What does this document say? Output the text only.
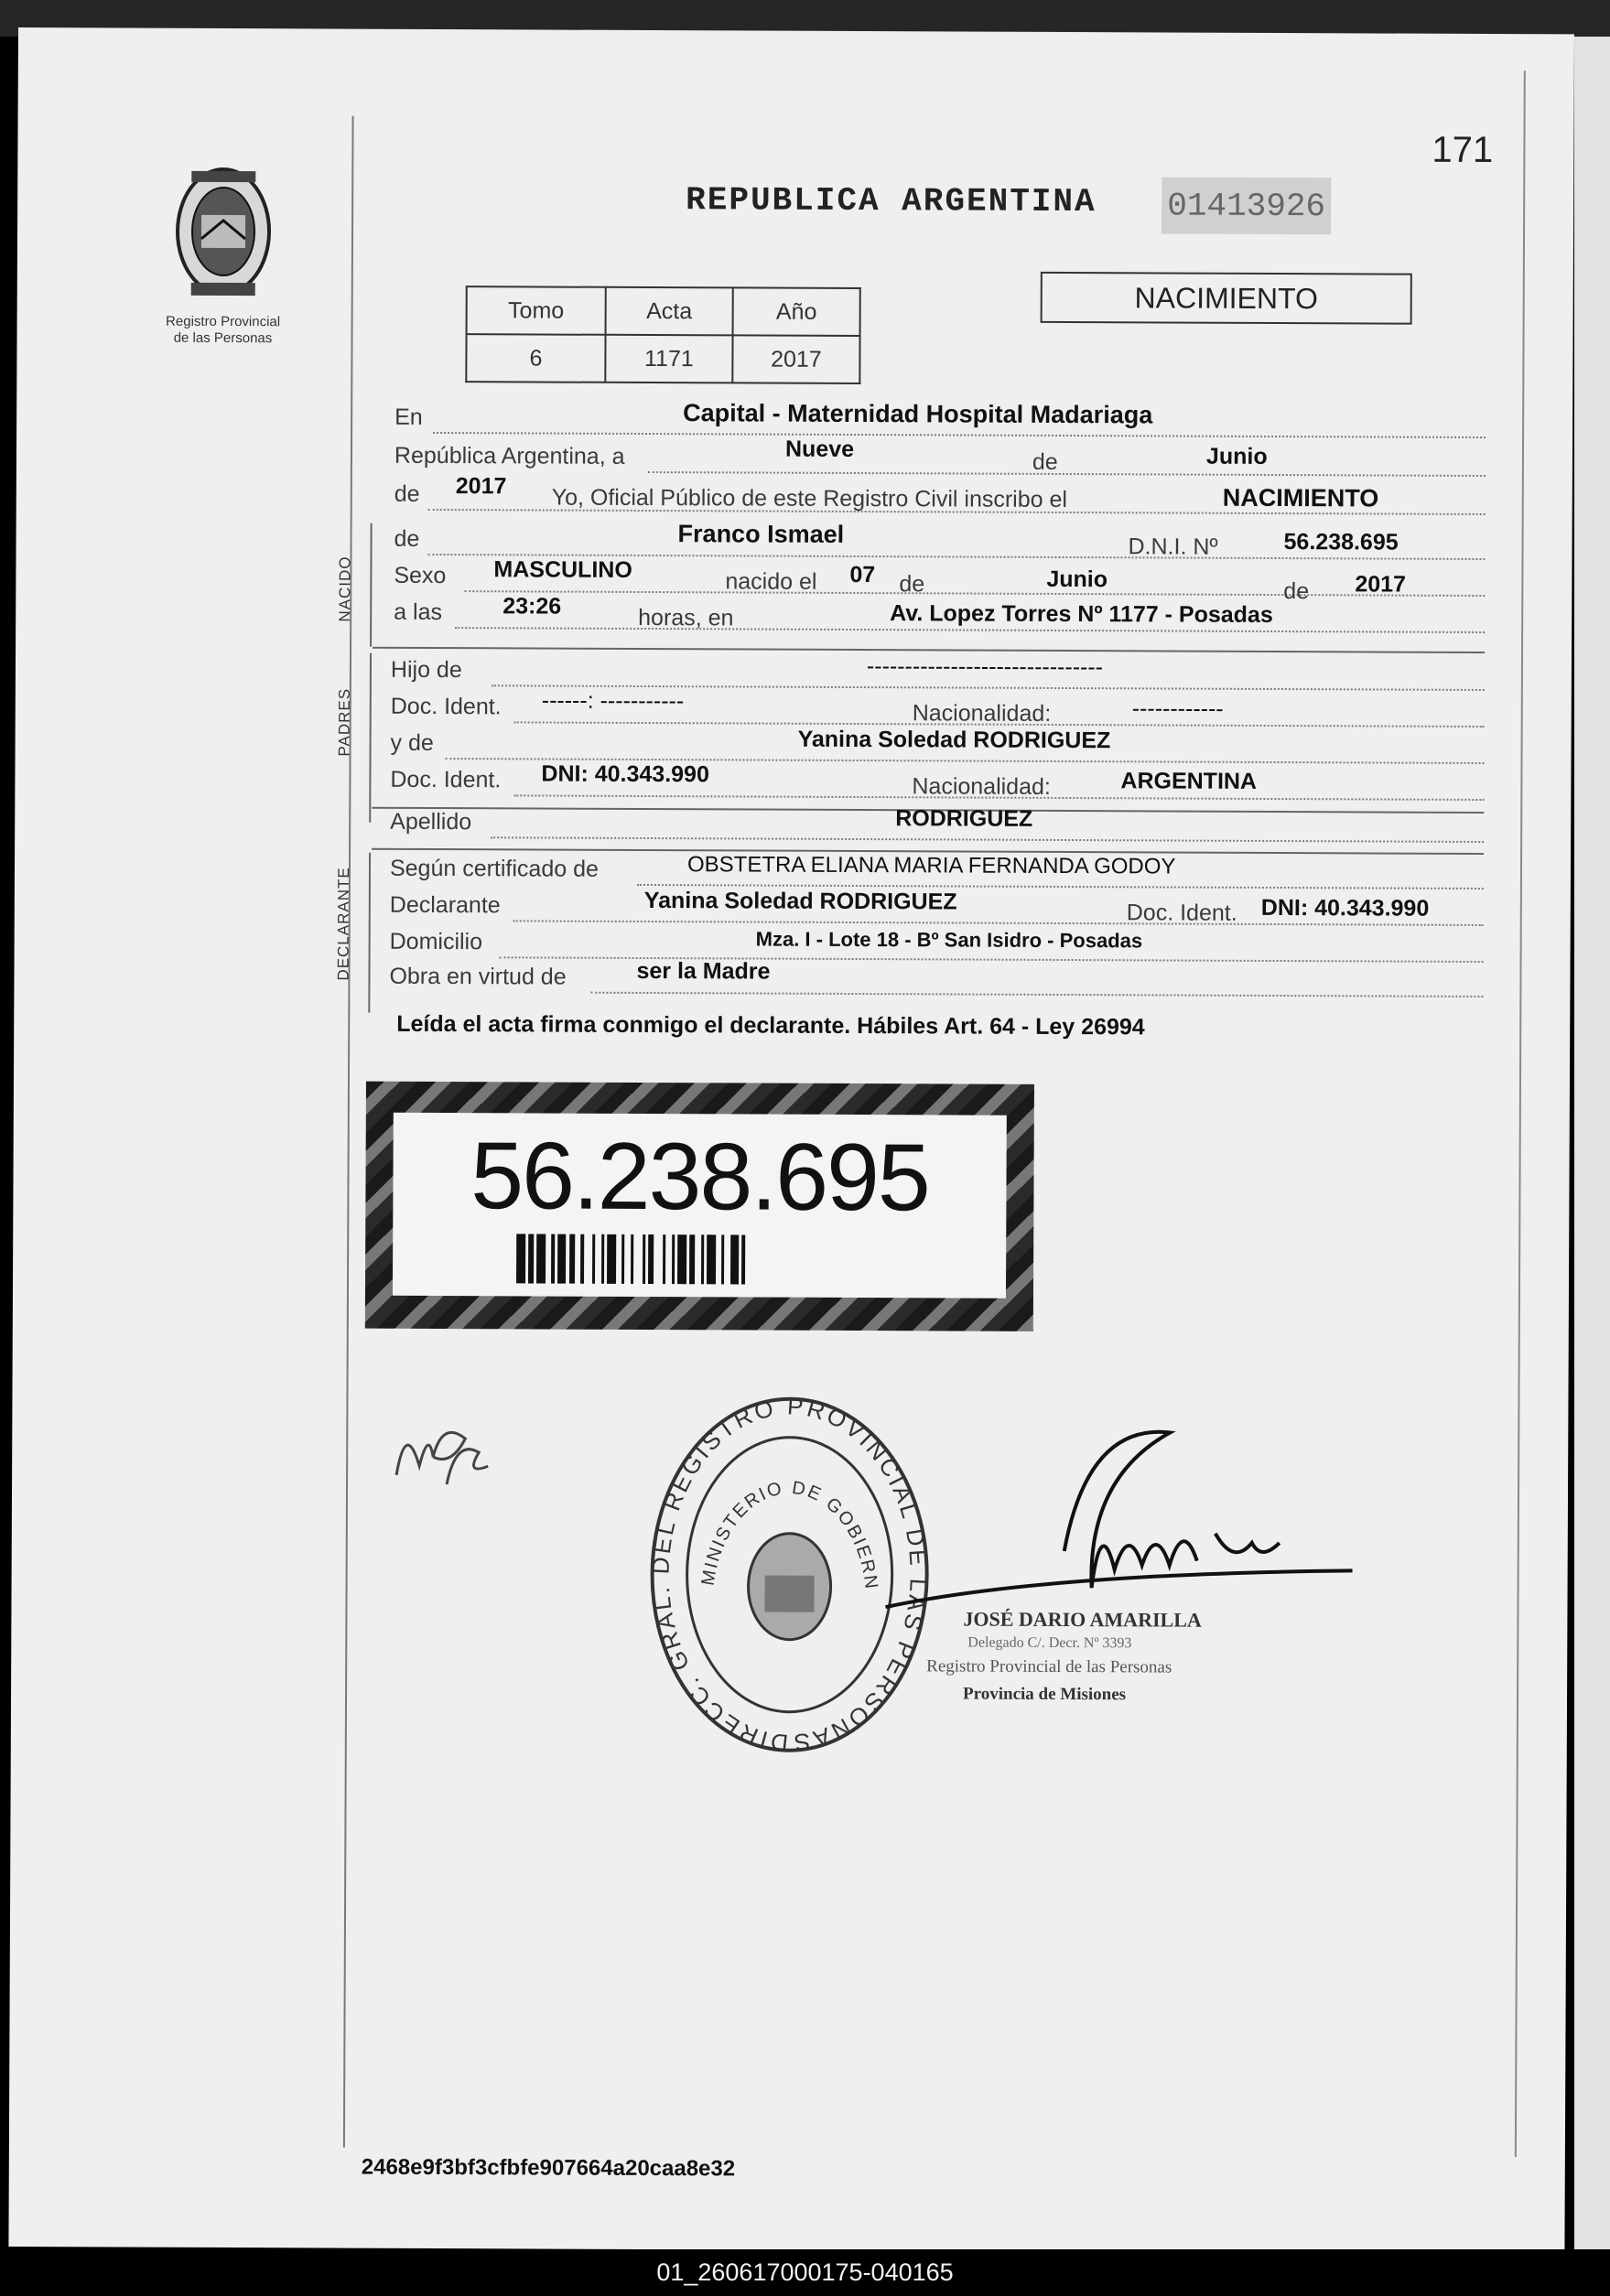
171
Registro Provincial
de las Personas
REPUBLICA ARGENTINA 01413926
Tomo	Acta	Año
6	1171	2017
NACIMIENTO
En	Capital - Maternidad Hospital Madariaga
República Argentina, a	Nueve	de	Junio
de 2017 Yo, Oficial Público de este Registro Civil inscribo el	NACIMIENTO
NACIDO
de	Franco Ismael	D.N.I. Nº	56.238.695
Sexo MASCULINO	nacido el 07 de	Junio	de 2017
a las	23:26	horas, en	Av. Lopez Torres Nº 1177 - Posadas
PADRES
Hijo de	-------------------------------
Doc. Ident. ------: -----------	Nacionalidad:	------------
y de	Yanina Soledad RODRIGUEZ
Doc. Ident. DNI: 40.343.990	Nacionalidad:	ARGENTINA
Apellido	RODRIGUEZ
DECLARANTE Según certificado de	OBSTETRA ELIANA MARIA FERNANDA GODOY
Declarante	Yanina Soledad RODRIGUEZ	Doc. Ident. DNI: 40.343.990
Domicilio	Mza. I - Lote 18 - Bº San Isidro - Posadas
Obra en virtud de	ser la Madre
Leída el acta firma conmigo el declarante. Hábiles Art. 64 - Ley 26994
56.238.695
DIRECC. GRAL. DEL REGISTRO PROVINCIAL DE LAS PERSONAS
MINISTERIO DE GOBIERNO
JOSÉ DARIO AMARILLA
Delegado C/. Decr. Nº 3393
Registro Provincial de las Personas
Provincia de Misiones
2468e9f3bf3cfbfe907664a20caa8e32
01_260617000175-040165
